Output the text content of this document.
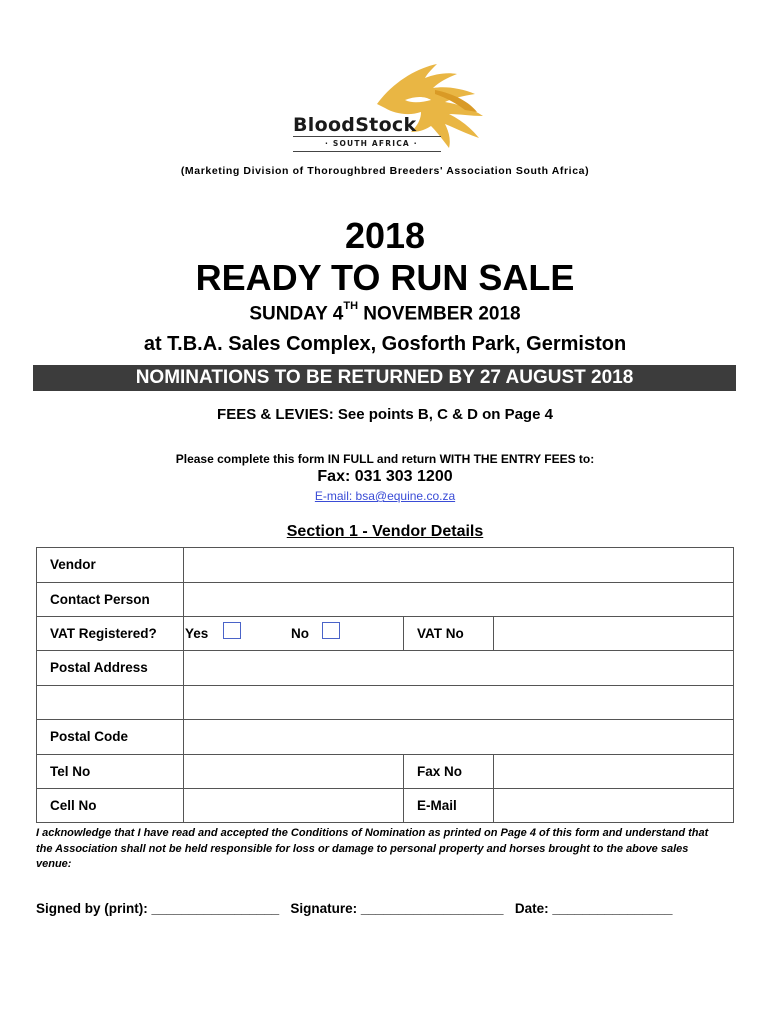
BloodStock
· SOUTH AFRICA ·
(Marketing Division of Thoroughbred Breeders' Association South Africa)
2018
READY TO RUN SALE
SUNDAY 4TH NOVEMBER 2018
at T.B.A. Sales Complex, Gosforth Park, Germiston
NOMINATIONS TO BE RETURNED BY 27 AUGUST 2018
FEES & LEVIES: See points B, C & D on Page 4
Please complete this form IN FULL and return WITH THE ENTRY FEES to:
Fax: 031 303 1200
E-mail: bsa@equine.co.za
Section 1 - Vendor Details
Vendor
Contact Person
VAT Registered? Yes	No	VAT No
Postal Address
Postal Code
Tel No	Fax No
Cell No	E-Mail
I acknowledge that I have read and accepted the Conditions of Nomination as printed on Page 4 of this form and understand that the Association shall not be held responsible for loss or damage to personal property and horses brought to the above sales venue:
Signed by (print): _________________ Signature: ___________________ Date: ________________
